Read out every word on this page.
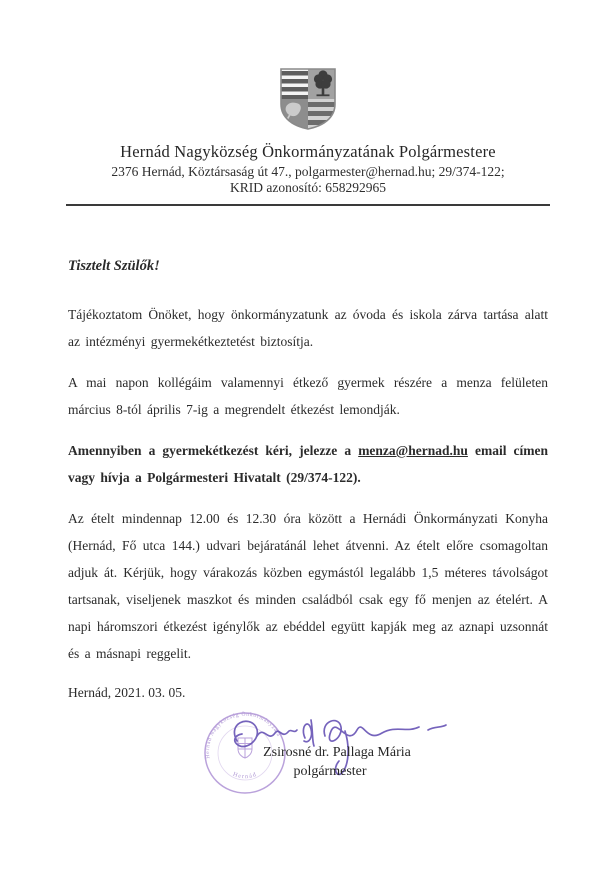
Hernád Nagyközség Önkormányzatának Polgármestere
2376 Hernád, Köztársaság út 47., polgarmester@hernad.hu; 29/374-122;
KRID azonosító: 658292965

Tisztelt Szülők!

Tájékoztatom Önöket, hogy önkormányzatunk az óvoda és iskola zárva tartása alatt az intézményi gyermekétkeztetést biztosítja.

A mai napon kollégáim valamennyi étkező gyermek részére a menza felületen március 8-tól április 7-ig a megrendelt étkezést lemondják.

Amennyiben a gyermekétkezést kéri, jelezze a menza@hernad.hu email címen vagy hívja a Polgármesteri Hivatalt (29/374-122).

Az ételt mindennap 12.00 és 12.30 óra között a Hernádi Önkormányzati Konyha (Hernád, Fő utca 144.) udvari bejáratánál lehet átvenni. Az ételt előre csomagoltan adjuk át. Kérjük, hogy várakozás közben egymástól legalább 1,5 méteres távolságot tartsanak, viseljenek maszkot és minden családból csak egy fő menjen az ételért. A napi háromszori étkezést igénylők az ebéddel együtt kapják meg az aznapi uzsonnát és a másnapi reggelit.

Hernád, 2021. 03. 05.

Hernád Nagyközség Önkormányzata
Hernád
Zsirosné dr. Pallaga Mária
polgármester
